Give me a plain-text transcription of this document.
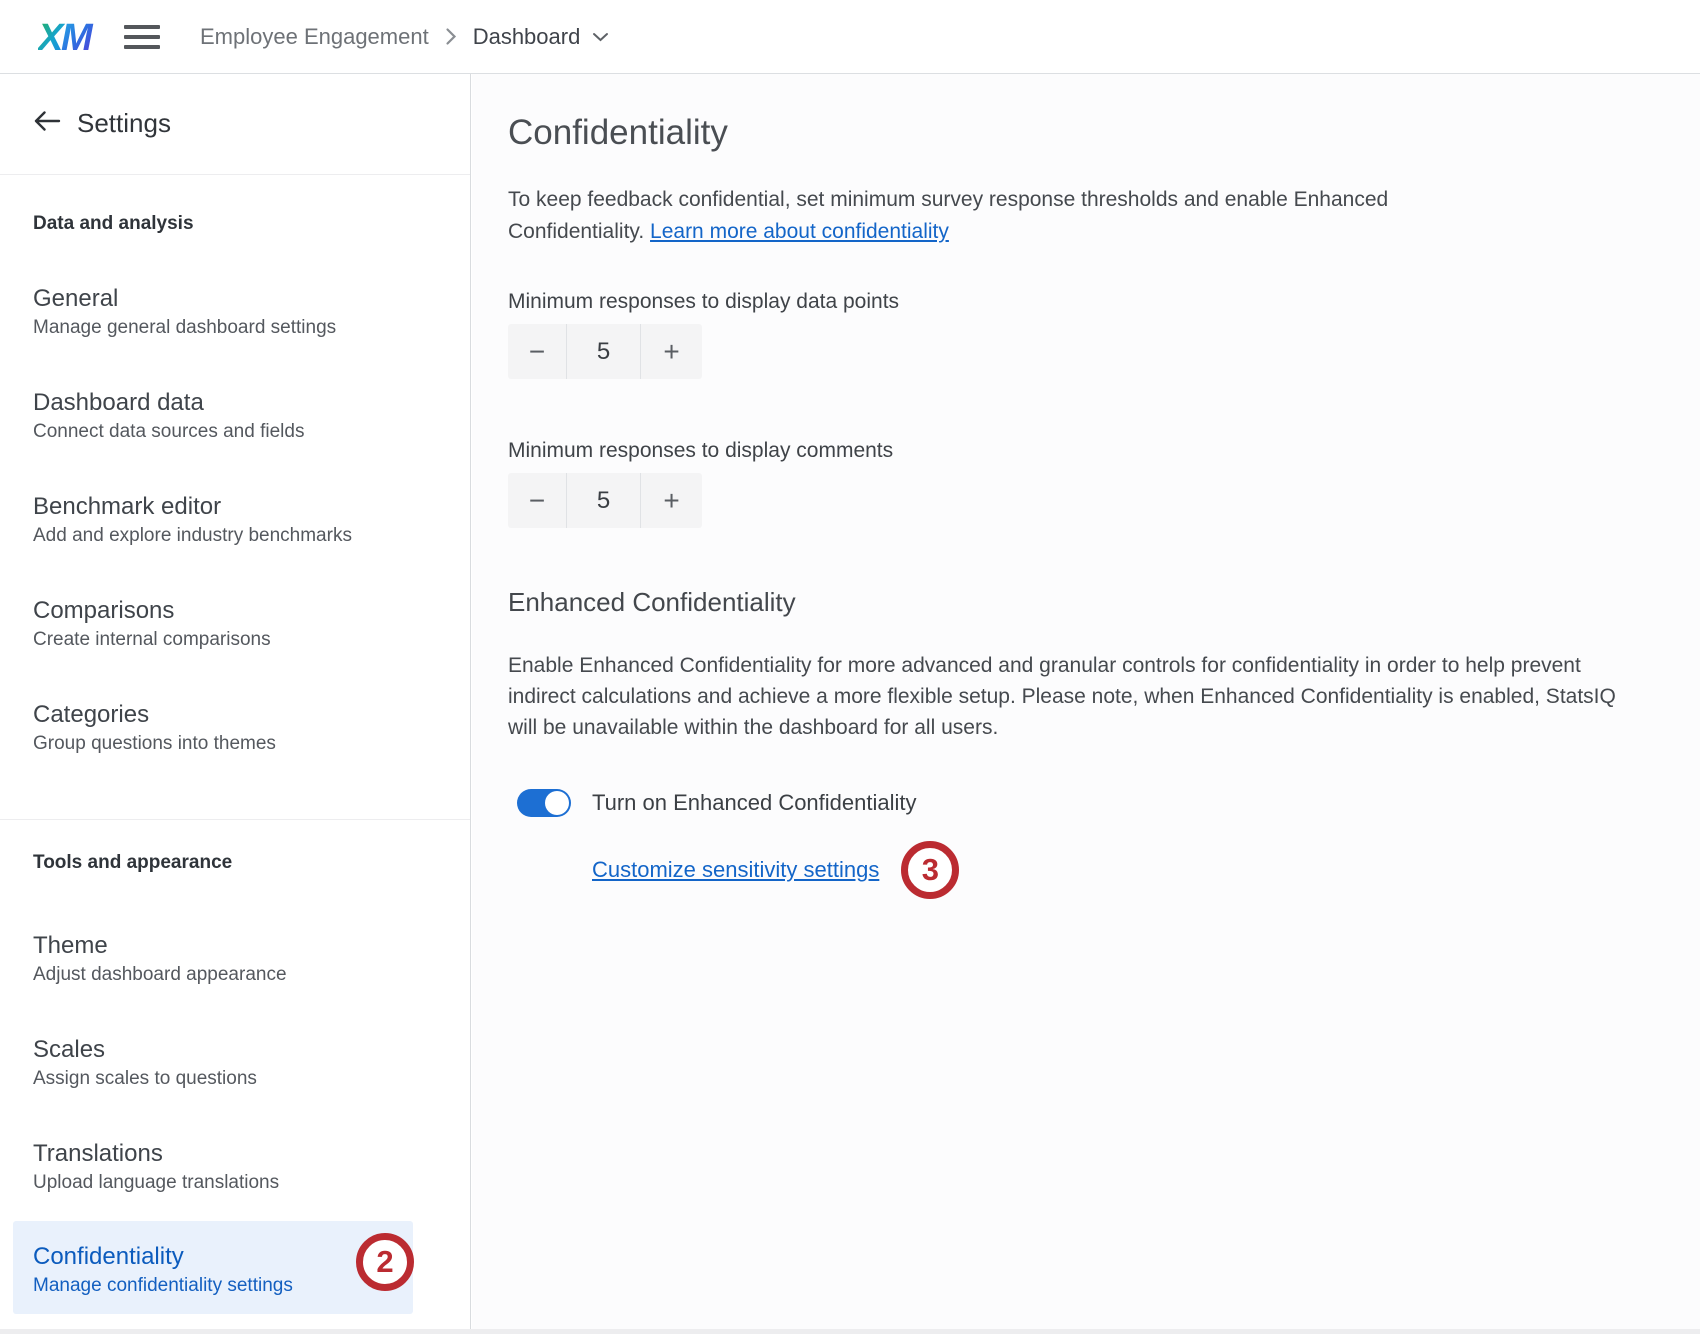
X
M	Employee Engagement Dashboard
Settings
Data and analysis
General
Manage general dashboard settings
Dashboard data
Connect data sources and fields
Benchmark editor
Add and explore industry benchmarks
Comparisons
Create internal comparisons
Categories
Group questions into themes
Tools and appearance
Theme
Adjust dashboard appearance
Scales
Assign scales to questions
Translations
Upload language translations
Confidentiality
Manage confidentiality settings
2
Confidentiality

To keep feedback confidential, set minimum survey response thresholds and enable Enhanced Confidentiality. Learn more about confidentiality

Minimum responses to display data points
−	5	+
Minimum responses to display comments
−	5	+
Enhanced Confidentiality

Enable Enhanced Confidentiality for more advanced and granular controls for confidentiality in order to help prevent indirect calculations and achieve a more flexible setup. Please note, when Enhanced Confidentiality is enabled, StatsIQ will be unavailable within the dashboard for all users.

Turn on Enhanced Confidentiality
Customize sensitivity settings	3
